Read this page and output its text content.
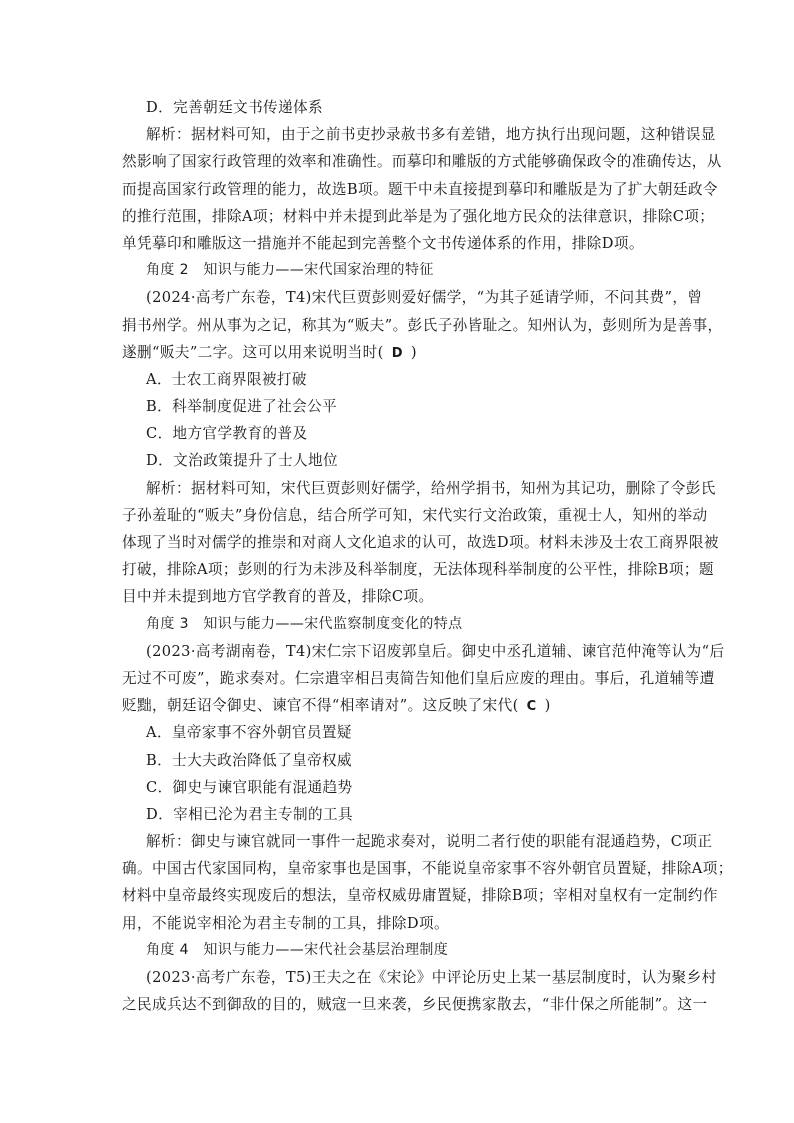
D．完善朝廷文书传递体系
解析：据材料可知，由于之前书吏抄录赦书多有差错，地方执行出现问题，这种错误显
然影响了国家行政管理的效率和准确性。而摹印和雕版的方式能够确保政令的准确传达，从
而提高国家行政管理的能力，故选B项。题干中未直接提到摹印和雕版是为了扩大朝廷政令
的推行范围，排除A项；材料中并未提到此举是为了强化地方民众的法律意识，排除C项；
单凭摹印和雕版这一措施并不能起到完善整个文书传递体系的作用，排除D项。
角度 2　知识与能力——宋代国家治理的特征
(2024·高考广东卷，T4)宋代巨贾彭则爱好儒学，“为其子延请学师，不问其费”，曾
捐书州学。州从事为之记，称其为“贩夫”。彭氏子孙皆耻之。知州认为，彭则所为是善事，
遂删“贩夫”二字。这可以用来说明当时( D )
A．士农工商界限被打破
B．科举制度促进了社会公平
C．地方官学教育的普及
D．文治政策提升了士人地位
解析：据材料可知，宋代巨贾彭则好儒学，给州学捐书，知州为其记功，删除了令彭氏
子孙羞耻的“贩夫”身份信息，结合所学可知，宋代实行文治政策，重视士人，知州的举动
体现了当时对儒学的推崇和对商人文化追求的认可，故选D项。材料未涉及士农工商界限被
打破，排除A项；彭则的行为未涉及科举制度，无法体现科举制度的公平性，排除B项；题
目中并未提到地方官学教育的普及，排除C项。
角度 3　知识与能力——宋代监察制度变化的特点
(2023·高考湖南卷，T4)宋仁宗下诏废郭皇后。御史中丞孔道辅、谏官范仲淹等认为“后
无过不可废”，跪求奏对。仁宗遣宰相吕夷简告知他们皇后应废的理由。事后，孔道辅等遭
贬黜，朝廷诏令御史、谏官不得“相率请对”。这反映了宋代( C )
A．皇帝家事不容外朝官员置疑
B．士大夫政治降低了皇帝权威
C．御史与谏官职能有混通趋势
D．宰相已沦为君主专制的工具
解析：御史与谏官就同一事件一起跪求奏对，说明二者行使的职能有混通趋势，C项正
确。中国古代家国同构，皇帝家事也是国事，不能说皇帝家事不容外朝官员置疑，排除A项；
材料中皇帝最终实现废后的想法，皇帝权威毋庸置疑，排除B项；宰相对皇权有一定制约作
用，不能说宰相沦为君主专制的工具，排除D项。
角度 4　知识与能力——宋代社会基层治理制度
(2023·高考广东卷，T5)王夫之在《宋论》中评论历史上某一基层制度时，认为聚乡村
之民成兵达不到御敌的目的，贼寇一旦来袭，乡民便携家散去，“非什保之所能制”。这一
